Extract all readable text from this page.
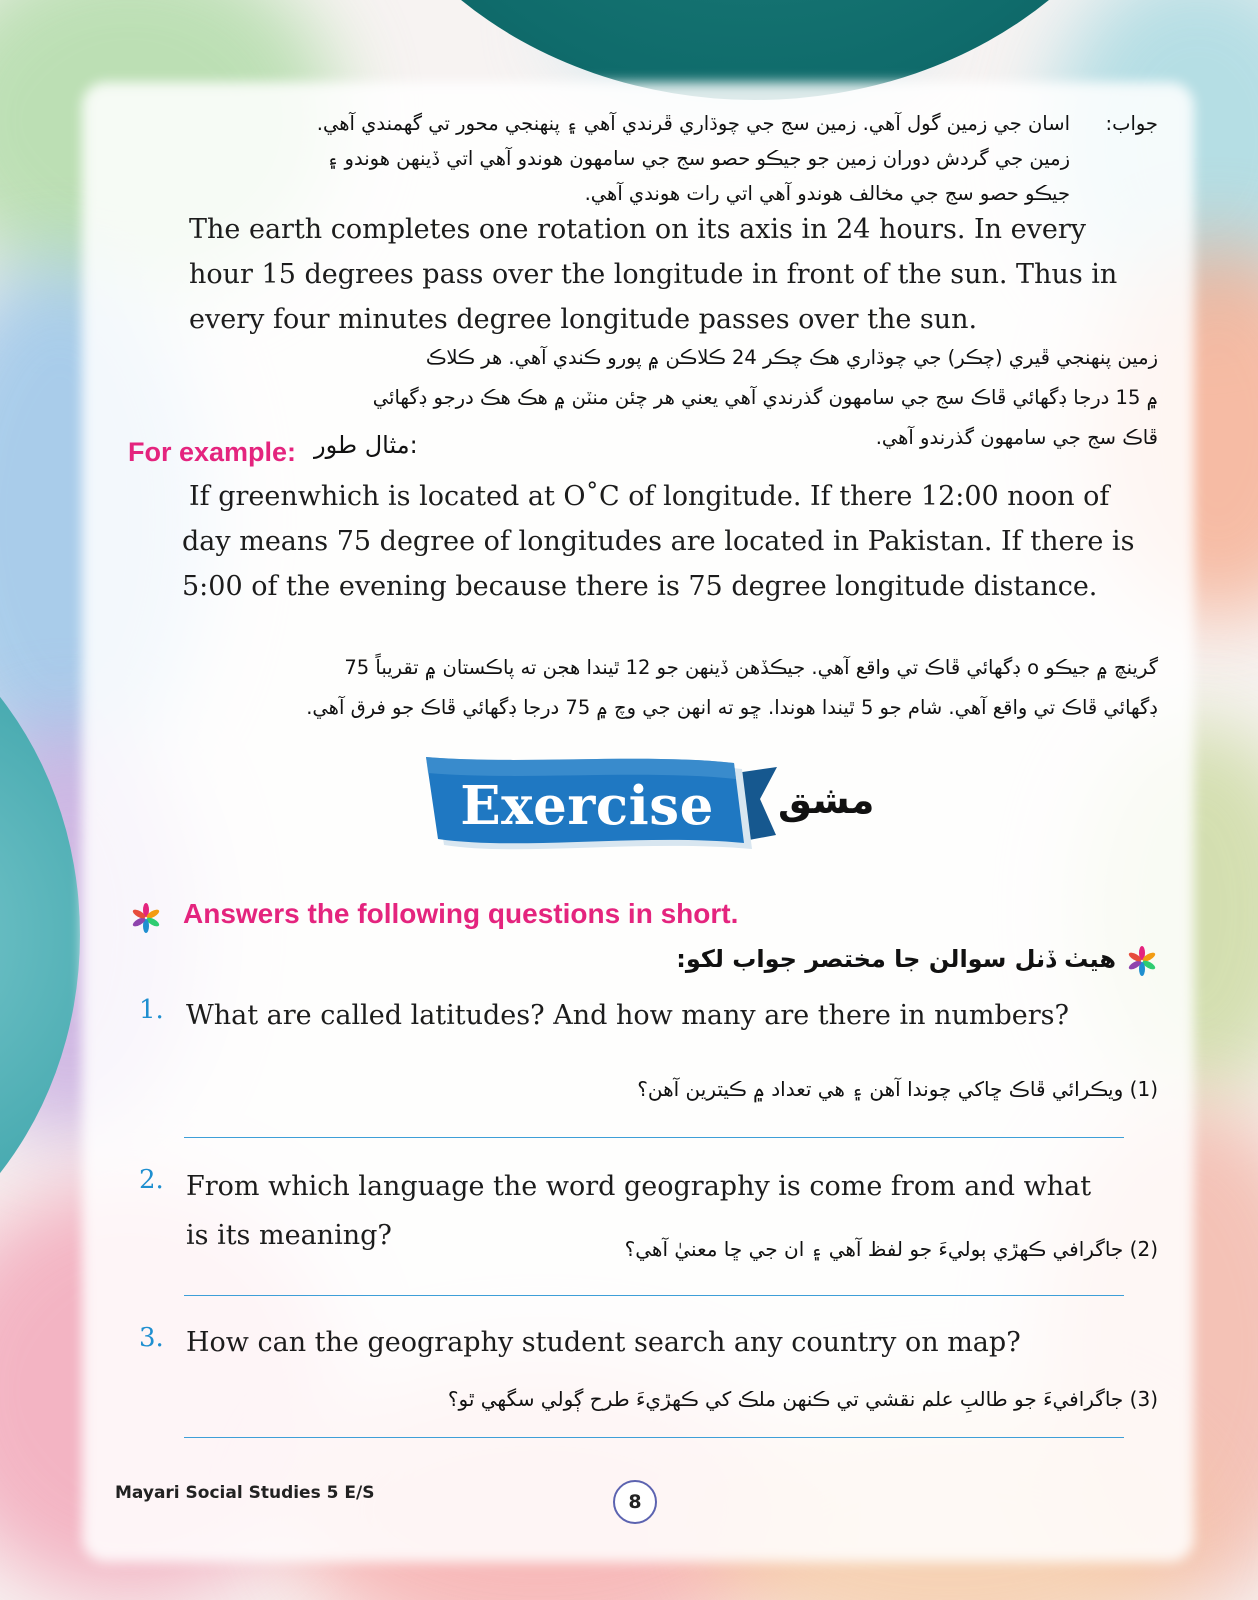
جواب:
اسان جي زمين گول آهي. زمين سج جي چوڌاري ڦرندي آهي ۽ پنهنجي محور تي گهمندي آهي.
زمين جي گردش دوران زمين جو جيڪو حصو سج جي سامهون هوندو آهي اتي ڏينهن هوندو ۽
جيڪو حصو سج جي مخالف هوندو آهي اتي رات هوندي آهي.
The earth completes one rotation on its axis in 24 hours. In every
hour 15 degrees pass over the longitude in front of the sun. Thus in
every four minutes degree longitude passes over the sun.
زمين پنهنجي ڦيري (چڪر) جي چوڌاري هڪ چڪر 24 ڪلاڪن ۾ پورو ڪندي آهي. هر ڪلاڪ
۾ 15 درجا ڊگهائي ڦاڪ سج جي سامهون گذرندي آهي يعني هر چئن منٽن ۾ هڪ هڪ درجو ڊگهائي
ڦاڪ سج جي سامهون گذرندو آهي.
For example: :مثال طور
If greenwhich is located at O˚C of longitude. If there 12:00 noon of
day means 75 degree of longitudes are located in Pakistan. If there is
5:00 of the evening because there is 75 degree longitude distance.
گرينچ ۾ جيڪو o ڊگهائي ڦاڪ تي واقع آهي. جيڪڏهن ڏينهن جو 12 ٿيندا هجن ته پاڪستان ۾ تقريباً 75
ڊگهائي ڦاڪ تي واقع آهي. شام جو 5 ٿيندا هوندا. ڇو ته انهن جي وچ ۾ 75 درجا ڊگهائي ڦاڪ جو فرق آهي.
Exercise	مشق
Answers the following questions in short.
هيٺ ڏنل سوالن جا مختصر جواب لکو:
1. What are called latitudes? And how many are there in numbers?
(1) ويڪرائي ڦاڪ ڇاکي چوندا آهن ۽ هي تعداد ۾ ڪيترين آهن؟
2. From which language the word geography is come from and what
is its meaning?	(2) جاگرافي ڪهڙي ٻوليءَ جو لفظ آهي ۽ ان جي ڇا معنيٰ آهي؟
3. How can the geography student search any country on map?
(3) جاگرافيءَ جو طالبِ علم نقشي تي ڪنهن ملڪ کي ڪهڙيءَ طرح ڳولي سگهي ٿو؟
Mayari Social Studies 5 E/S	8
